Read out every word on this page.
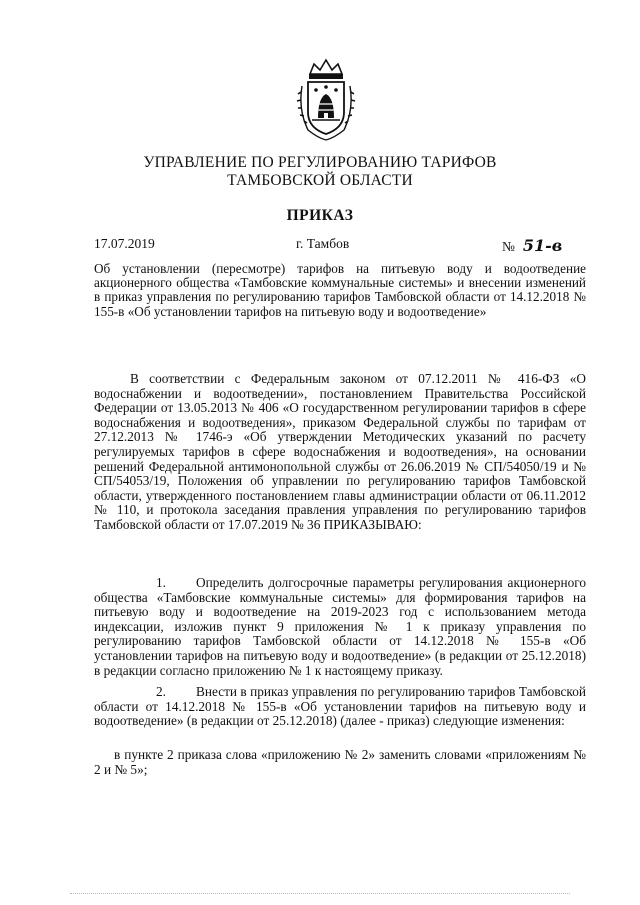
УПРАВЛЕНИЕ ПО РЕГУЛИРОВАНИЮ ТАРИФОВ
ТАМБОВСКОЙ ОБЛАСТИ
ПРИКАЗ
17.07.2019	г. Тамбов	№ 51-в
Об установлении (пересмотре) тарифов на питьевую воду и водоотведение акционерного общества «Тамбовские коммунальные системы» и внесении изменений в приказ управления по регулированию тарифов Тамбовской области от 14.12.2018 № 155-в «Об установлении тарифов на питьевую воду и водоотведение»
В соответствии с Федеральным законом от 07.12.2011 № 416-ФЗ «О водоснабжении и водоотведении», постановлением Правительства Российской Федерации от 13.05.2013 № 406 «О государственном регулировании тарифов в сфере водоснабжения и водоотведения», приказом Федеральной службы по тарифам от 27.12.2013 № 1746-э «Об утверждении Методических указаний по расчету регулируемых тарифов в сфере водоснабжения и водоотведения», на основании решений Федеральной антимонопольной службы от 26.06.2019 № СП/54050/19 и № СП/54053/19, Положения об управлении по регулированию тарифов Тамбовской области, утвержденного постановлением главы администрации области от 06.11.2012 № 110, и протокола заседания правления управления по регулированию тарифов Тамбовской области от 17.07.2019 № 36 ПРИКАЗЫВАЮ:
1. Определить долгосрочные параметры регулирования акционерного общества «Тамбовские коммунальные системы» для формирования тарифов на питьевую воду и водоотведение на 2019-2023 год с использованием метода индексации, изложив пункт 9 приложения № 1 к приказу управления по регулированию тарифов Тамбовской области от 14.12.2018 № 155-в «Об установлении тарифов на питьевую воду и водоотведение» (в редакции от 25.12.2018) в редакции согласно приложению № 1 к настоящему приказу.
2. Внести в приказ управления по регулированию тарифов Тамбовской области от 14.12.2018 № 155-в «Об установлении тарифов на питьевую воду и водоотведение» (в редакции от 25.12.2018) (далее - приказ) следующие изменения:
в пункте 2 приказа слова «приложению № 2» заменить словами «приложениям № 2 и № 5»;
